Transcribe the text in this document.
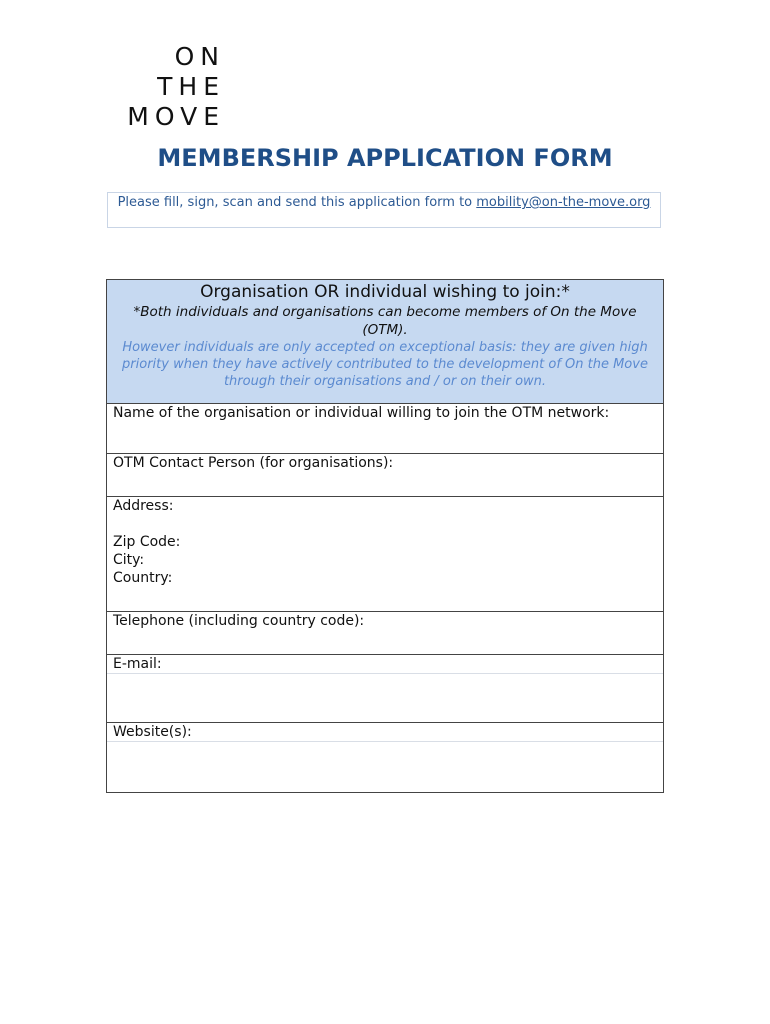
ON
THE
MOVE
MEMBERSHIP APPLICATION FORM
Please fill, sign, scan and send this application form to mobility@on-the-move.org
Organisation OR individual wishing to join:*
*Both individuals and organisations can become members of On the Move (OTM).
However individuals are only accepted on exceptional basis: they are given high priority when they have actively contributed to the development of On the Move through their organisations and / or on their own.
Name of the organisation or individual willing to join the OTM network:
OTM Contact Person (for organisations):
Address:
Zip Code:
City:
Country:
Telephone (including country code):
E-mail:
Website(s):
